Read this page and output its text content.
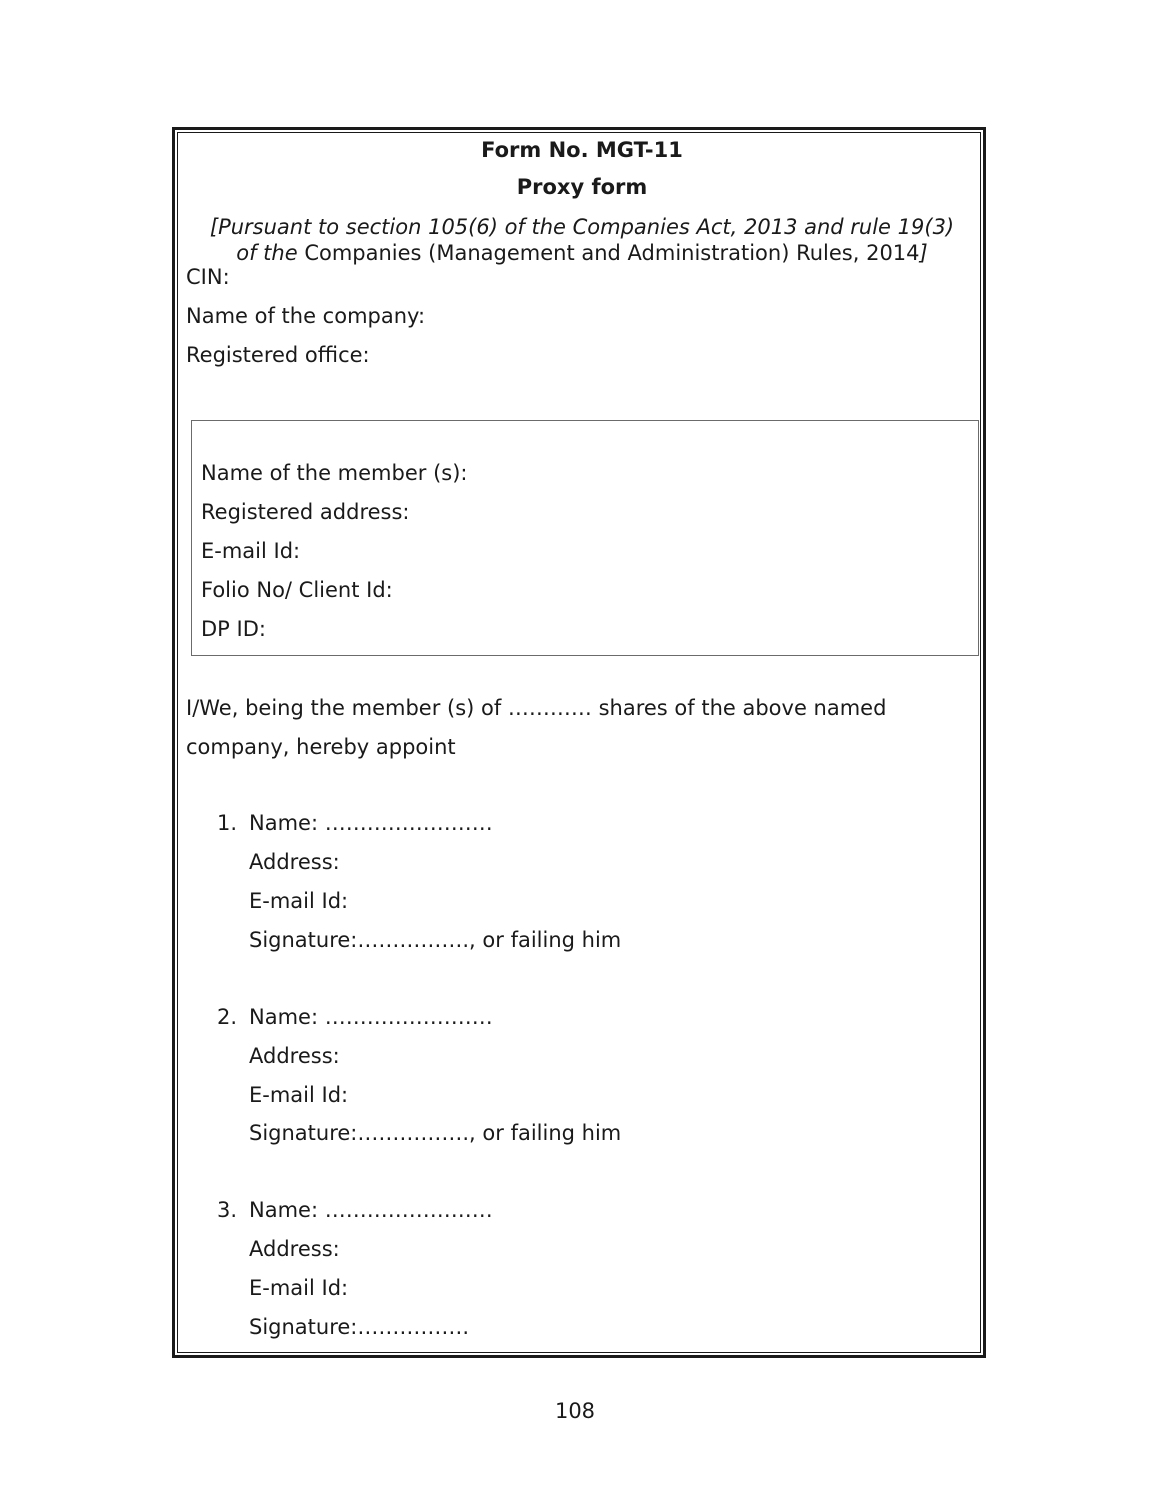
Form No. MGT-11
Proxy form
[Pursuant to section 105(6) of the Companies Act, 2013 and rule 19(3)
of the Companies (Management and Administration) Rules, 2014]
CIN:
Name of the company:
Registered office:
I/We, being the member (s) of ………… shares of the above named
company, hereby appoint
1. Name: ……………………
Address:
E-mail Id:
Signature:……………., or failing him
2. Name: ……………………
Address:
E-mail Id:
Signature:……………., or failing him
3. Name: ……………………
Address:
E-mail Id:
Signature:…………….
Name of the member (s):
Registered address:
E-mail Id:
Folio No/ Client Id:
DP ID:
108
